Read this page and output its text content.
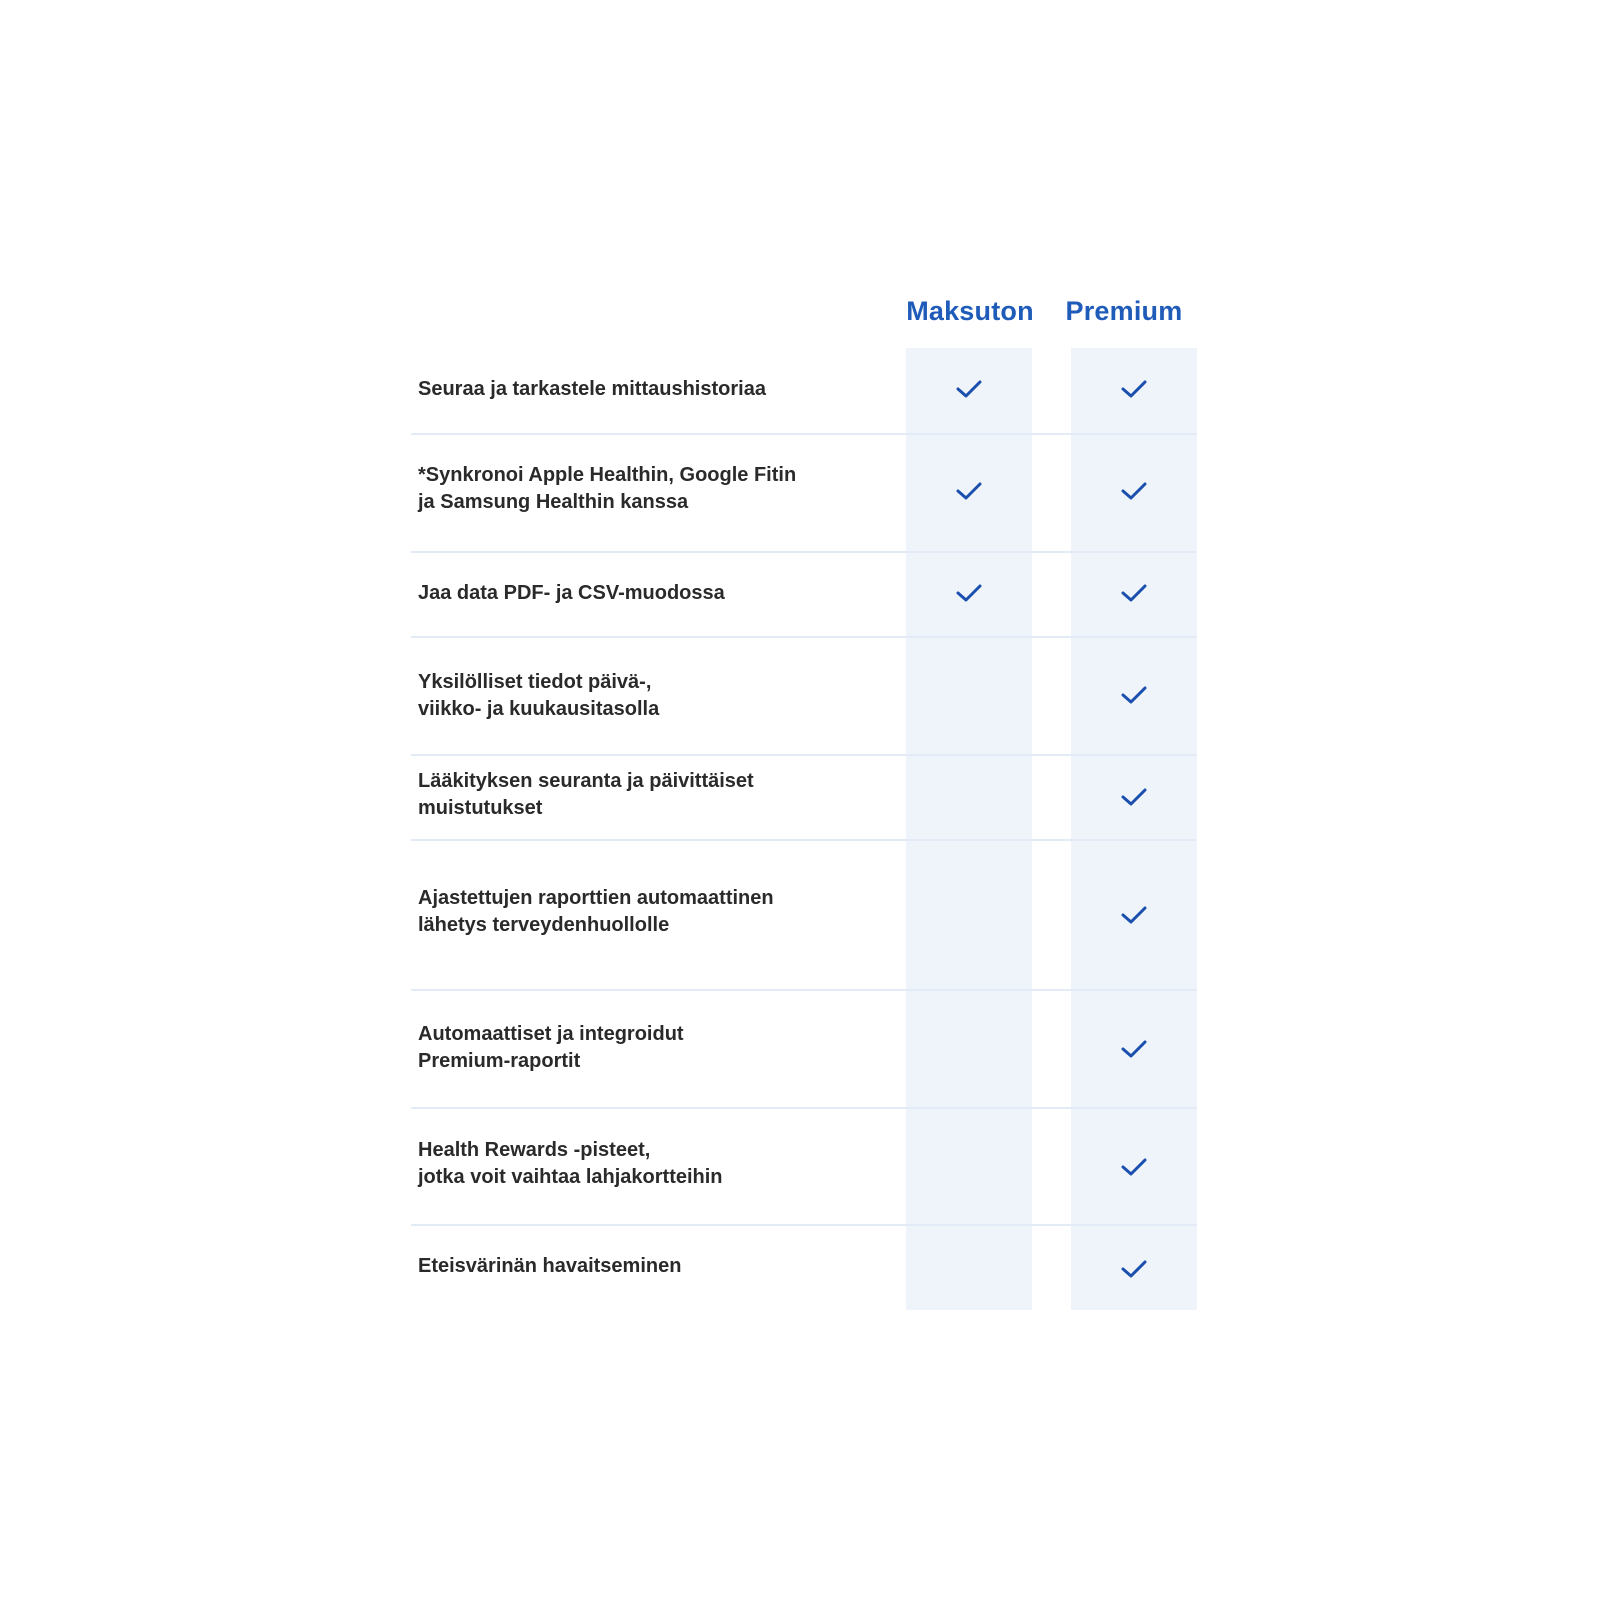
Maksuton	Premium
Seuraa ja tarkastele mittaushistoriaa
*Synkronoi Apple Healthin, Google Fitin
ja Samsung Healthin kanssa
Jaa data PDF- ja CSV-muodossa
Yksilölliset tiedot päivä-,
viikko- ja kuukausitasolla
Lääkityksen seuranta ja päivittäiset
muistutukset
Ajastettujen raporttien automaattinen
lähetys terveydenhuollolle
Automaattiset ja integroidut
Premium-raportit
Health Rewards -pisteet,
jotka voit vaihtaa lahjakortteihin
Eteisvärinän havaitseminen
